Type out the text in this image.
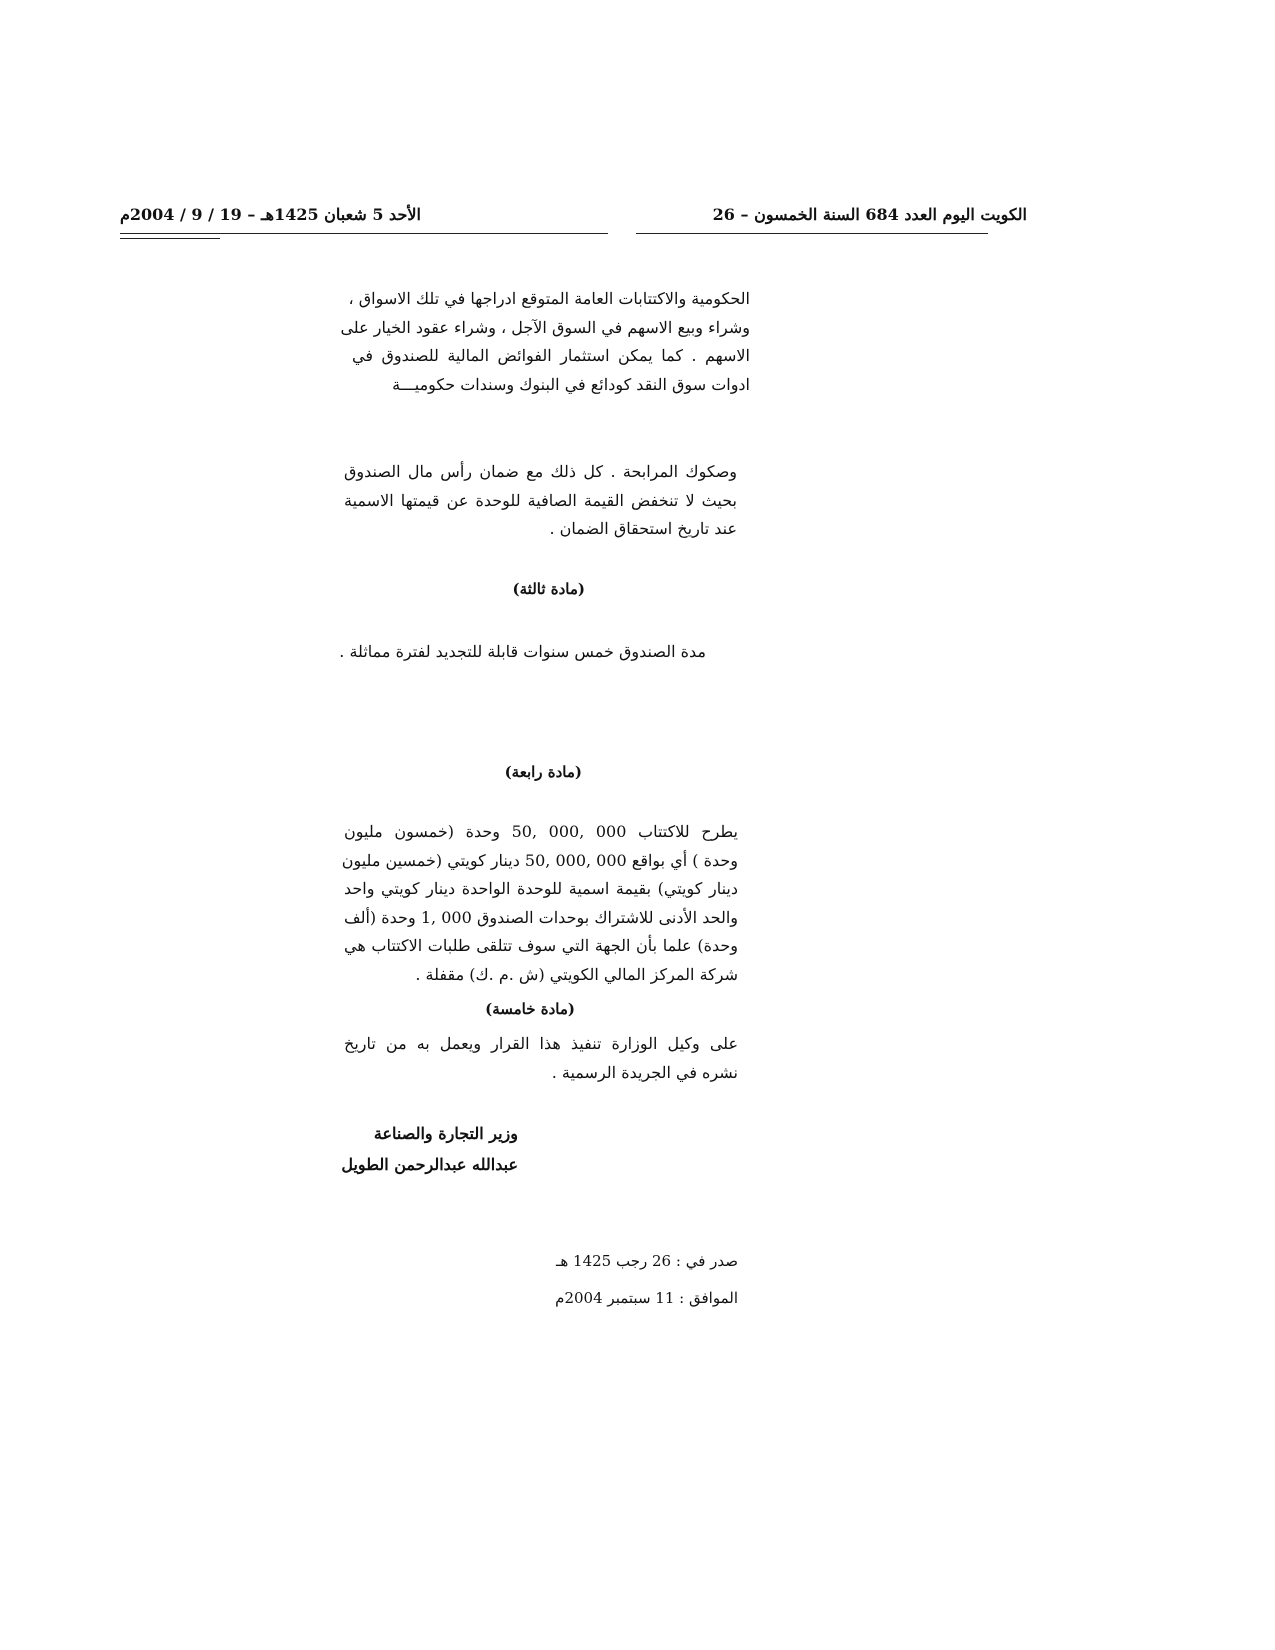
الكويت اليوم العدد 684 السنة الخمسون – 26
الأحد 5 شعبان 1425هـ – 19 / 9 / 2004م
الحكومية والاكتتابات العامة المتوقع ادراجها في تلك الاسواق ،
وشراء وبيع الاسهم في السوق الآجل ، وشراء عقود الخيار على
الاسهم . كما يمكن استثمار الفوائض المالية للصندوق في
ادوات سوق النقد كودائع في البنوك وسندات حكوميـــة
وصكوك المرابحة . كل ذلك مع ضمان رأس مال الصندوق
بحيث لا تنخفض القيمة الصافية للوحدة عن قيمتها الاسمية
عند تاريخ استحقاق الضمان .
(مادة ثالثة)
مدة الصندوق خمس سنوات قابلة للتجديد لفترة مماثلة .
(مادة رابعة)
يطرح للاكتتاب 000 ,000 ,50 وحدة (خمسون مليون
وحدة ) أي بواقع 000 ,000 ,50 دينار كويتي (خمسين مليون
دينار كويتي) بقيمة اسمية للوحدة الواحدة دينار كويتي واحد
والحد الأدنى للاشتراك بوحدات الصندوق 000 ,1 وحدة (ألف
وحدة) علما بأن الجهة التي سوف تتلقى طلبات الاكتتاب هي
شركة المركز المالي الكويتي (ش .م .ك) مقفلة .
(مادة خامسة)
على وكيل الوزارة تنفيذ هذا القرار ويعمل به من تاريخ
نشره في الجريدة الرسمية .
وزير التجارة والصناعة
عبدالله عبدالرحمن الطويل
صدر في : 26 رجب 1425 هـ
الموافق : 11 سبتمبر 2004م
